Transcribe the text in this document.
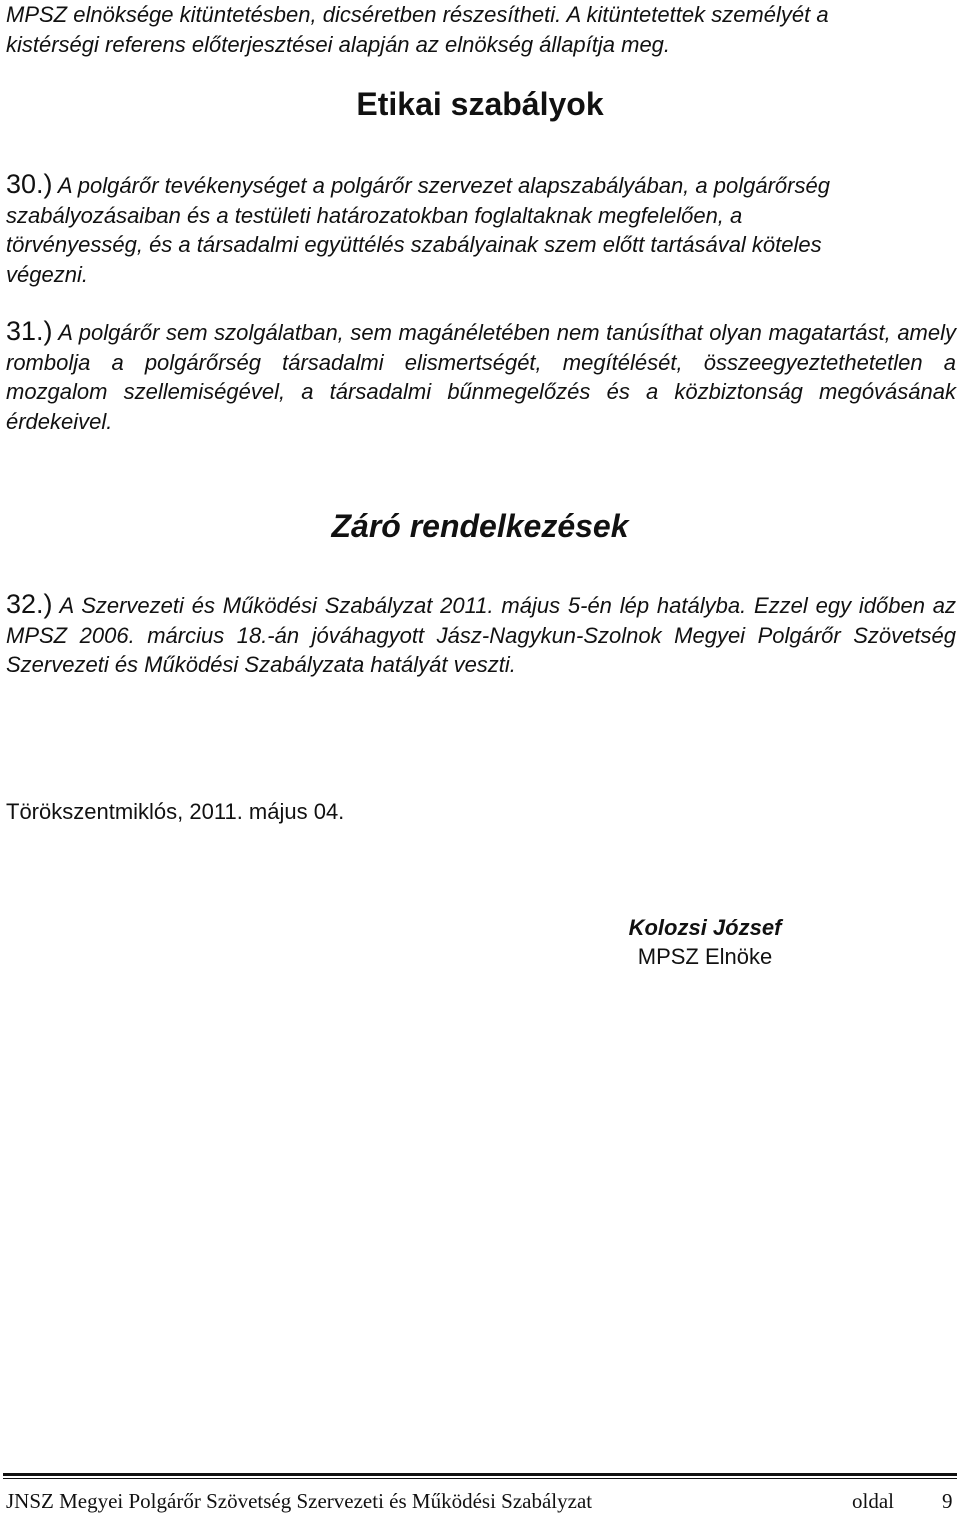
MPSZ elnöksége kitüntetésben, dicséretben részesítheti. A kitüntetettek személyét a
kistérségi referens előterjesztései alapján az elnökség állapítja meg.
Etikai szabályok
30.) A polgárőr tevékenységet a polgárőr szervezet alapszabályában, a polgárőrség szabályozásaiban és a testületi határozatokban foglaltaknak megfelelően, a törvényesség, és a társadalmi együttélés szabályainak szem előtt tartásával köteles végezni.
31.) A polgárőr sem szolgálatban, sem magánéletében nem tanúsíthat olyan magatartást, amely rombolja a polgárőrség társadalmi elismertségét, megítélését, összeegyeztethetetlen a mozgalom szellemiségével, a társadalmi bűnmegelőzés és a közbiztonság megóvásának érdekeivel.
Záró rendelkezések
32.) A Szervezeti és Működési Szabályzat 2011. május 5-én lép hatályba. Ezzel egy időben az MPSZ 2006. március 18.-án jóváhagyott Jász-Nagykun-Szolnok Megyei Polgárőr Szövetség Szervezeti és Működési Szabályzata hatályát veszti.
Törökszentmiklós, 2011. május 04.
Kolozsi József
MPSZ Elnöke
JNSZ Megyei Polgárőr Szövetség Szervezeti és Működési Szabályzat	oldal 9
